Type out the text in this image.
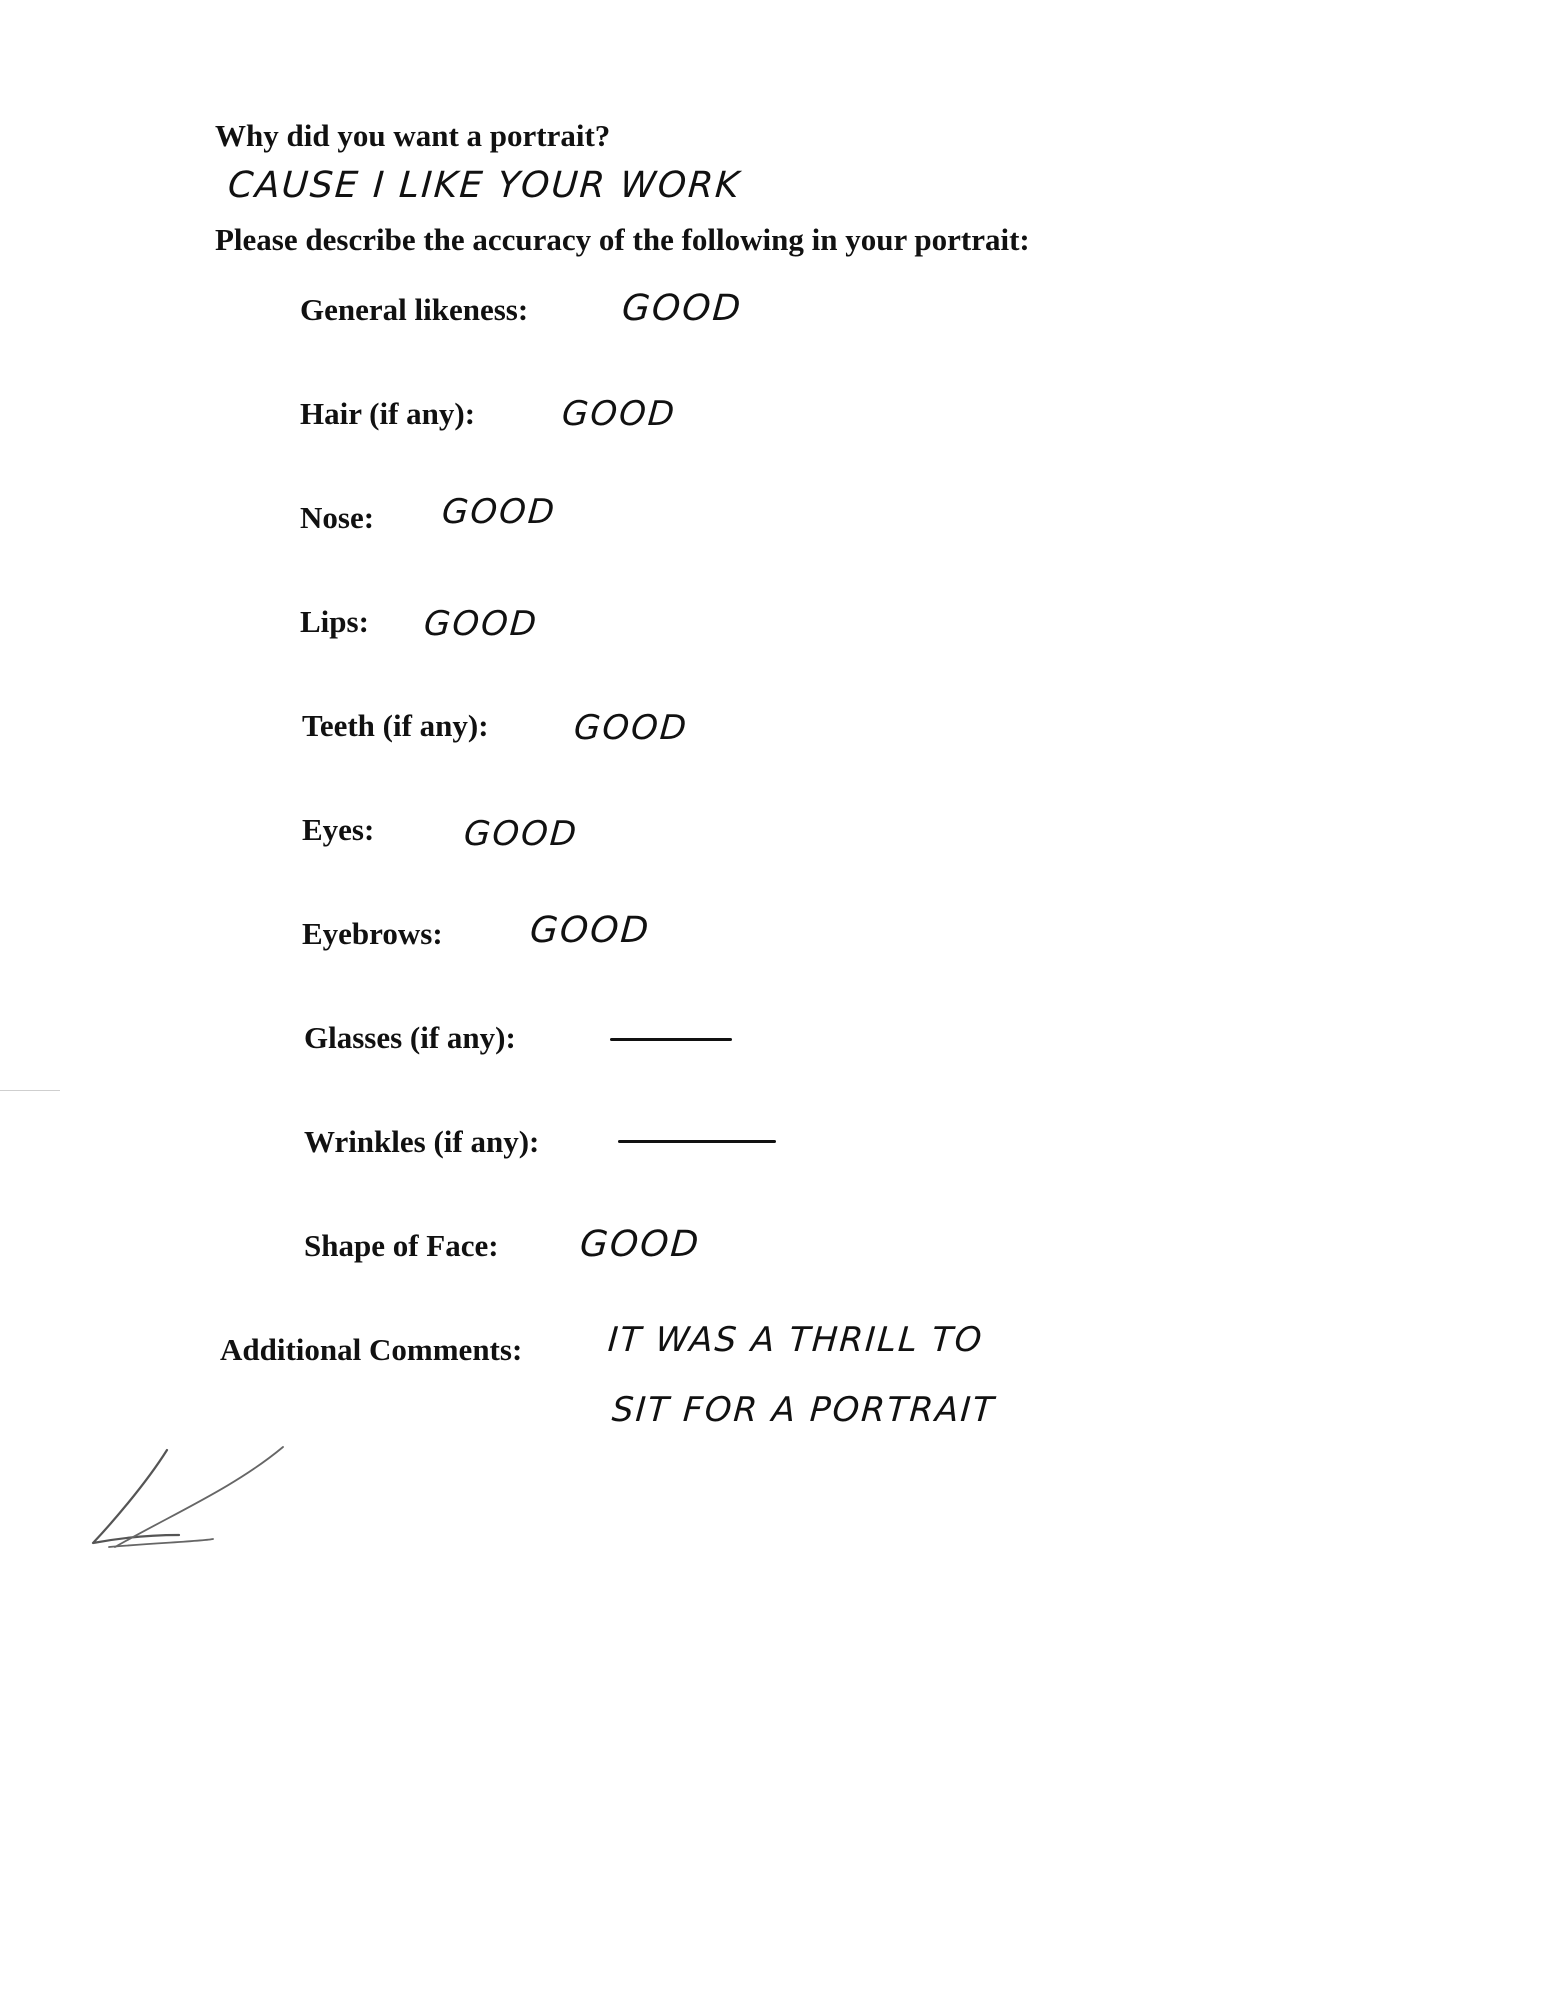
Why did you want a portrait?
CAUSE I LIKE YOUR WORK
Please describe the accuracy of the following in your portrait:
General likeness:	GOOD
Hair (if any):	GOOD
Nose: GOOD
Lips: GOOD
Teeth (if any): GOOD
Eyes:	GOOD
Eyebrows: GOOD
Glasses (if any):
Wrinkles (if any):
Shape of Face: GOOD
Additional Comments: IT WAS A THRILL TO
SIT FOR A PORTRAIT
